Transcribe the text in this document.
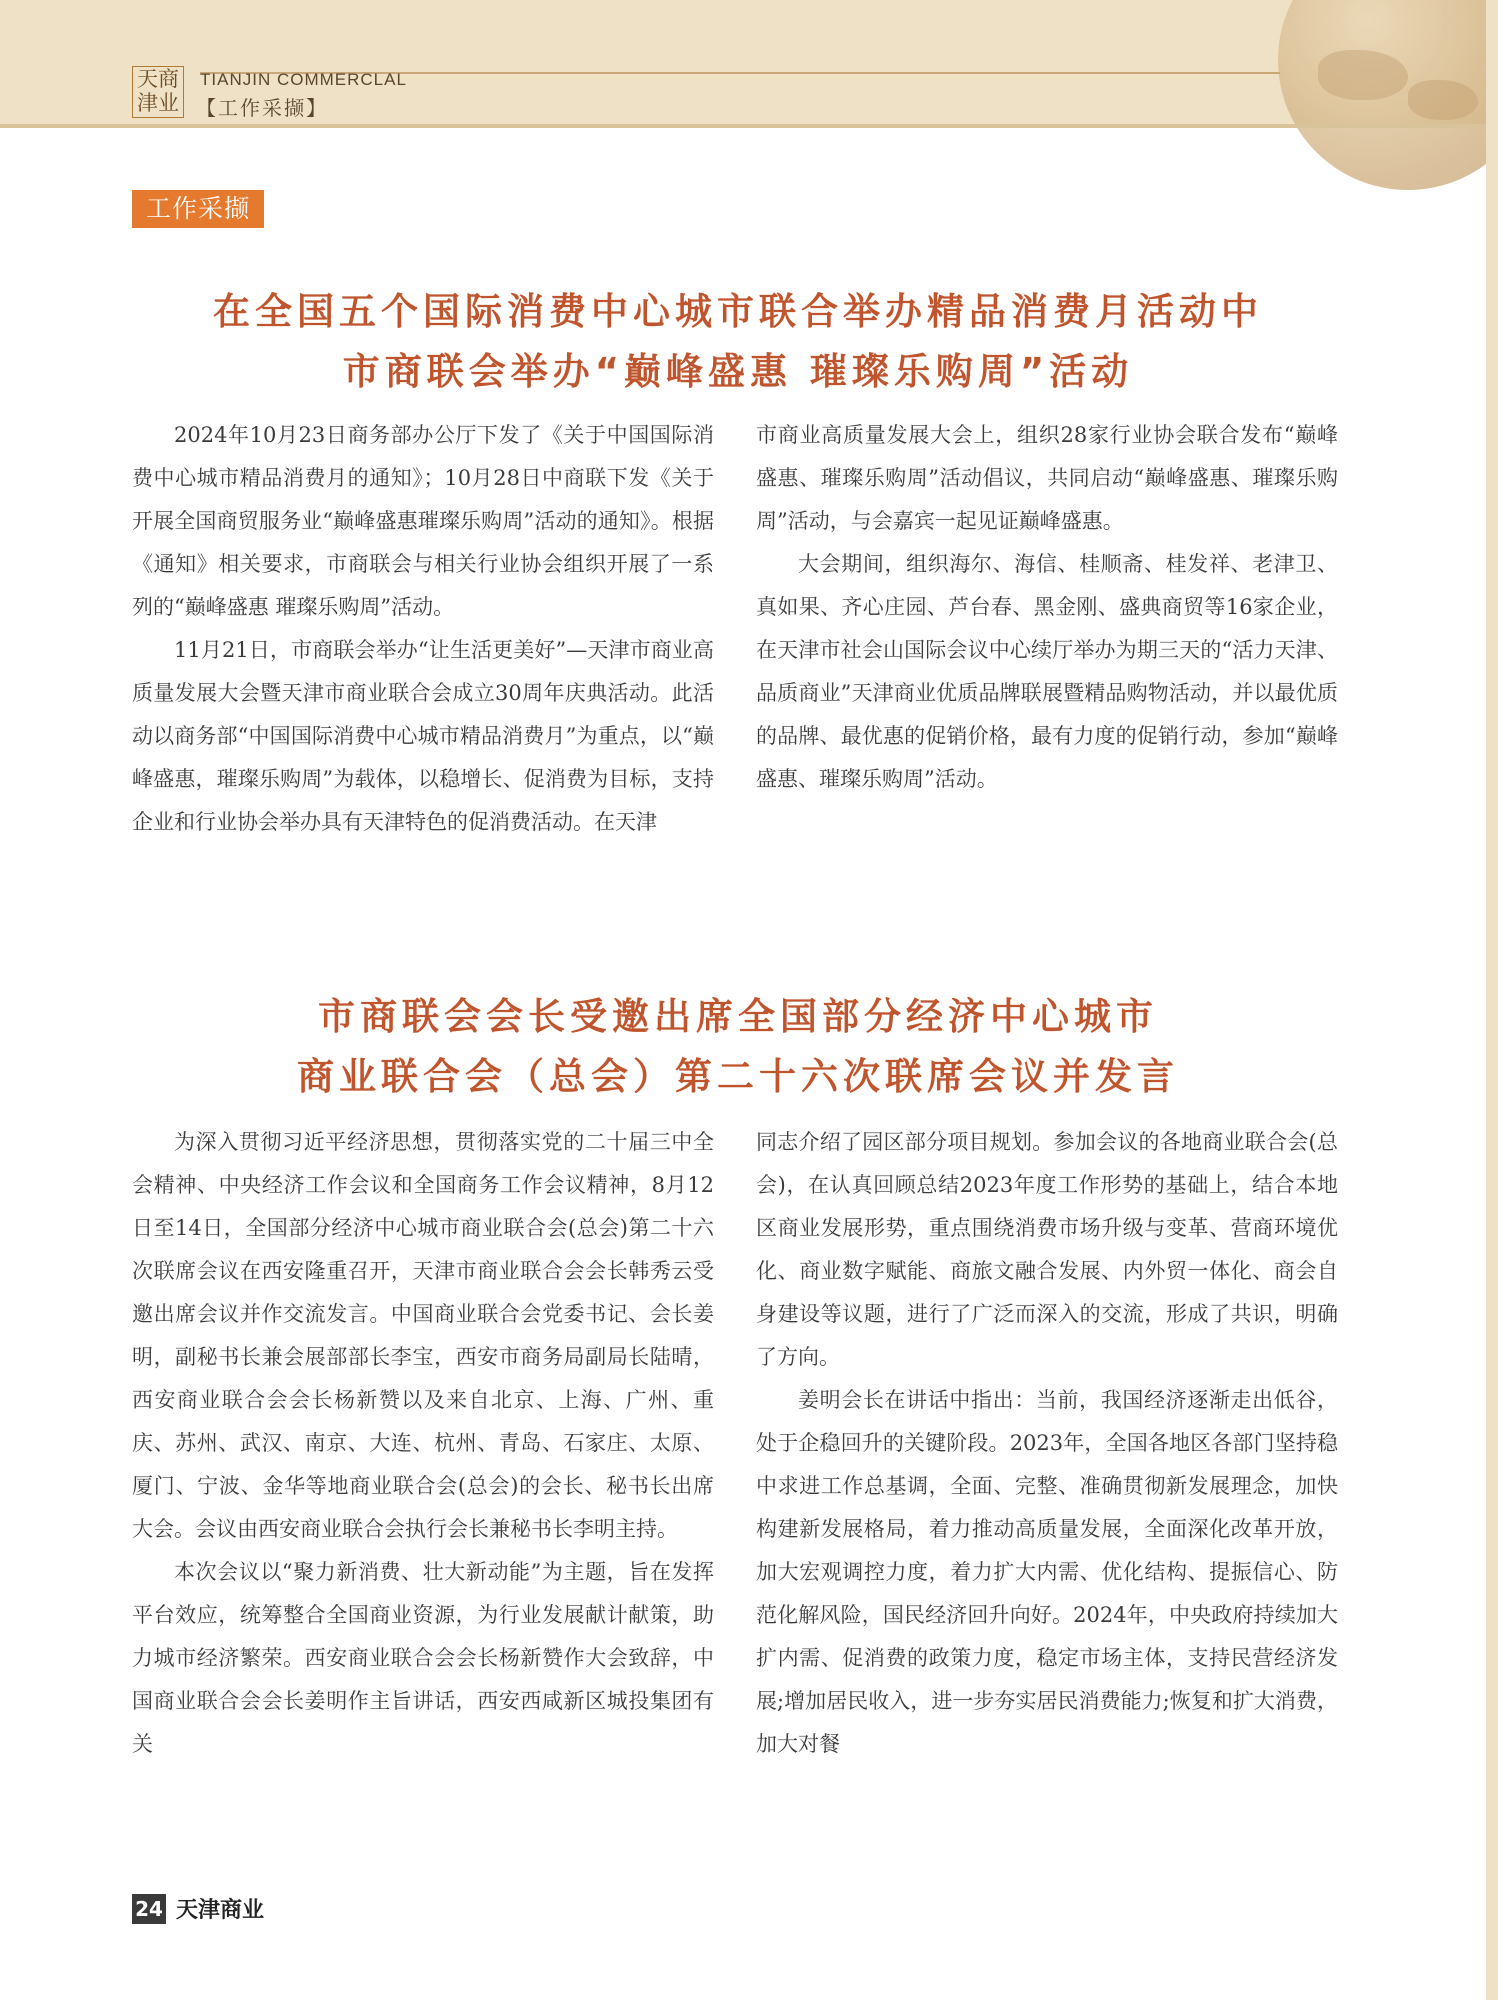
天商
津业
TIANJIN COMMERCLAL
【工作采撷】
工作采撷
在全国五个国际消费中心城市联合举办精品消费月活动中
市商联会举办“巅峰盛惠 璀璨乐购周”活动

2024年10月23日商务部办公厅下发了《关于中国国际消费中心城市精品消费月的通知》；10月28日中商联下发《关于开展全国商贸服务业“巅峰盛惠璀璨乐购周”活动的通知》。根据《通知》相关要求，市商联会与相关行业协会组织开展了一系列的“巅峰盛惠 璀璨乐购周”活动。

11月21日，市商联会举办“让生活更美好”—天津市商业高质量发展大会暨天津市商业联合会成立30周年庆典活动。此活动以商务部“中国国际消费中心城市精品消费月”为重点，以“巅峰盛惠，璀璨乐购周”为载体，以稳增长、促消费为目标，支持企业和行业协会举办具有天津特色的促消费活动。在天津

市商业高质量发展大会上，组织28家行业协会联合发布“巅峰盛惠、璀璨乐购周”活动倡议，共同启动“巅峰盛惠、璀璨乐购周”活动，与会嘉宾一起见证巅峰盛惠。

大会期间，组织海尔、海信、桂顺斋、桂发祥、老津卫、真如果、齐心庄园、芦台春、黑金刚、盛典商贸等16家企业，在天津市社会山国际会议中心续厅举办为期三天的“活力天津、品质商业”天津商业优质品牌联展暨精品购物活动，并以最优质的品牌、最优惠的促销价格，最有力度的促销行动，参加“巅峰盛惠、璀璨乐购周”活动。

市商联会会长受邀出席全国部分经济中心城市
商业联合会（总会）第二十六次联席会议并发言

为深入贯彻习近平经济思想，贯彻落实党的二十届三中全会精神、中央经济工作会议和全国商务工作会议精神，8月12日至14日，全国部分经济中心城市商业联合会(总会)第二十六次联席会议在西安隆重召开，天津市商业联合会会长韩秀云受邀出席会议并作交流发言。中国商业联合会党委书记、会长姜明，副秘书长兼会展部部长李宝，西安市商务局副局长陆晴，西安商业联合会会长杨新赞以及来自北京、上海、广州、重庆、苏州、武汉、南京、大连、杭州、青岛、石家庄、太原、厦门、宁波、金华等地商业联合会(总会)的会长、秘书长出席大会。会议由西安商业联合会执行会长兼秘书长李明主持。

本次会议以“聚力新消费、壮大新动能”为主题，旨在发挥平台效应，统筹整合全国商业资源，为行业发展献计献策，助力城市经济繁荣。西安商业联合会会长杨新赞作大会致辞，中国商业联合会会长姜明作主旨讲话，西安西咸新区城投集团有关

同志介绍了园区部分项目规划。参加会议的各地商业联合会(总会)，在认真回顾总结2023年度工作形势的基础上，结合本地区商业发展形势，重点围绕消费市场升级与变革、营商环境优化、商业数字赋能、商旅文融合发展、内外贸一体化、商会自身建设等议题，进行了广泛而深入的交流，形成了共识，明确了方向。

姜明会长在讲话中指出：当前，我国经济逐渐走出低谷，处于企稳回升的关键阶段。2023年，全国各地区各部门坚持稳中求进工作总基调，全面、完整、准确贯彻新发展理念，加快构建新发展格局，着力推动高质量发展，全面深化改革开放，加大宏观调控力度，着力扩大内需、优化结构、提振信心、防范化解风险，国民经济回升向好。2024年，中央政府持续加大扩内需、促消费的政策力度，稳定市场主体，支持民营经济发展;增加居民收入，进一步夯实居民消费能力;恢复和扩大消费，加大对餐

24 天津商业
